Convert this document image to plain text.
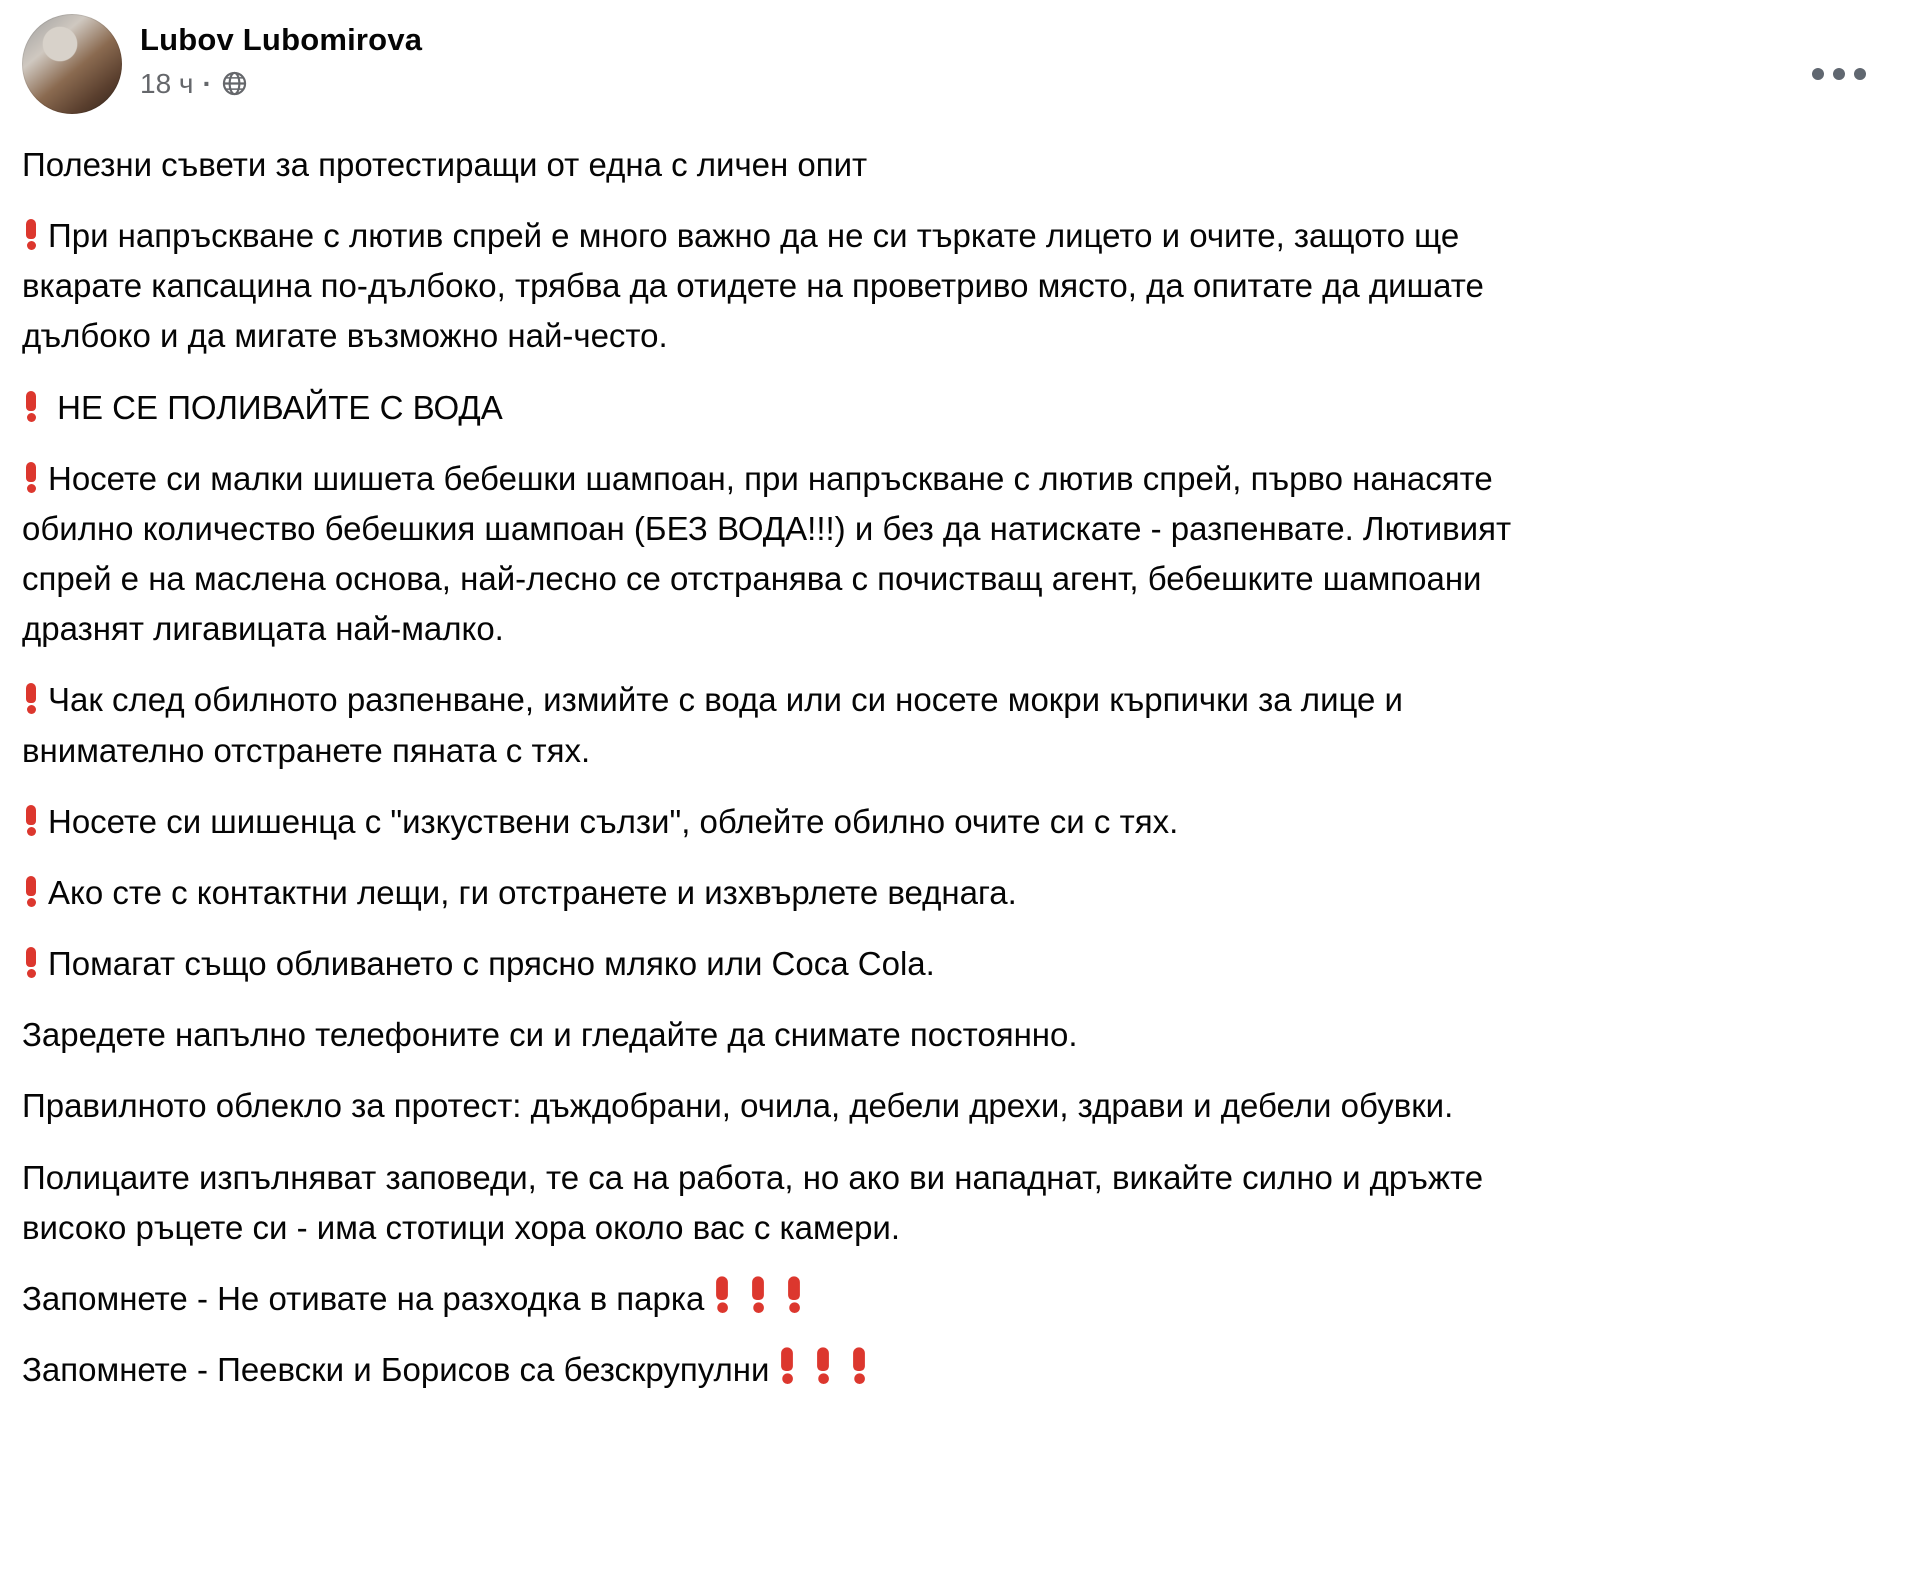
Lubov Lubomirova
18 ч ·
Полезни съвети за протестиращи от една с личен опит
При напръскване с лютив спрей е много важно да не си търкате лицето и очите, защото ще вкарате капсацина по-дълбоко, трябва да отидете на проветриво място, да опитате да дишате дълбоко и да мигате възможно най-често.
НЕ СЕ ПОЛИВАЙТЕ С ВОДА
Носете си малки шишета бебешки шампоан, при напръскване с лютив спрей, първо нанасяте обилно количество бебешкия шампоан (БЕЗ ВОДА!!!) и без да натискате - разпенвате. Лютивият спрей е на маслена основа, най-лесно се отстранява с почистващ агент, бебешките шампоани дразнят лигавицата най-малко.
Чак след обилното разпенване, измийте с вода или си носете мокри кърпички за лице и внимателно отстранете пяната с тях.
Носете си шишенца с "изкуствени сълзи", облейте обилно очите си с тях.
Ако сте с контактни лещи, ги отстранете и изхвърлете веднага.
Помагат също обливането с прясно мляко или Coca Cola.
Заредете напълно телефоните си и гледайте да снимате постоянно.
Правилното облекло за протест: дъждобрани, очила, дебели дрехи, здрави и дебели обувки.
Полицаите изпълняват заповеди, те са на работа, но ако ви нападнат, викайте силно и дръжте високо ръцете си - има стотици хора около вас с камери.
Запомнете - Не отивате на разходка в парка
Запомнете - Пеевски и Борисов са безскрупулни
